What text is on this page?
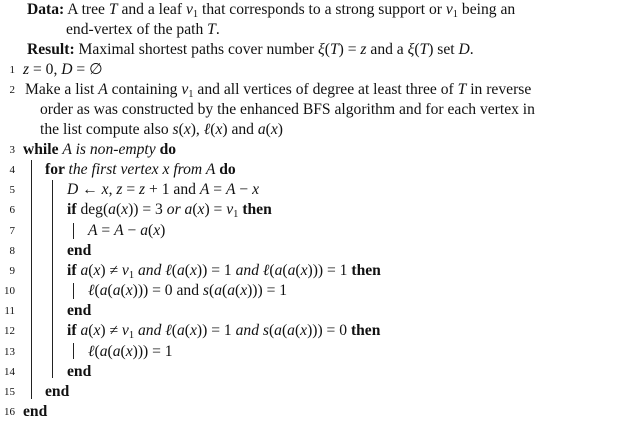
Data: A tree T and a leaf $v_1$ that corresponds to a strong support or $v_1$ being an
end-vertex of the path T.
Result: Maximal shortest paths cover number ξ(T) = z and a ξ(T) set D.
1 z = 0, D = ∅
2 Make a list A containing $v_1$ and all vertices of degree at least three of T in reverse
order as was constructed by the enhanced BFS algorithm and for each vertex in
the list compute also s(x), ℓ(x) and a(x)
3 while A is non-empty do
4 for the first vertex x from A do
5	D ← x, z = z + 1 and A = A − x
6	if deg(a(x)) = 3 or $a(x) = v_1$ then
7	A = A − a(x)
8	end
9	if $a(x) \ne v_1$ and ℓ(a(x)) = 1 and ℓ(a(a(x))) = 1 then
10	ℓ(a(a(x))) = 0 and s(a(a(x))) = 1
11	end
12	if $a(x) \ne v_1$ and ℓ(a(x)) = 1 and s(a(a(x))) = 0 then
13	ℓ(a(a(x))) = 1
14	end
15 end
16 end
